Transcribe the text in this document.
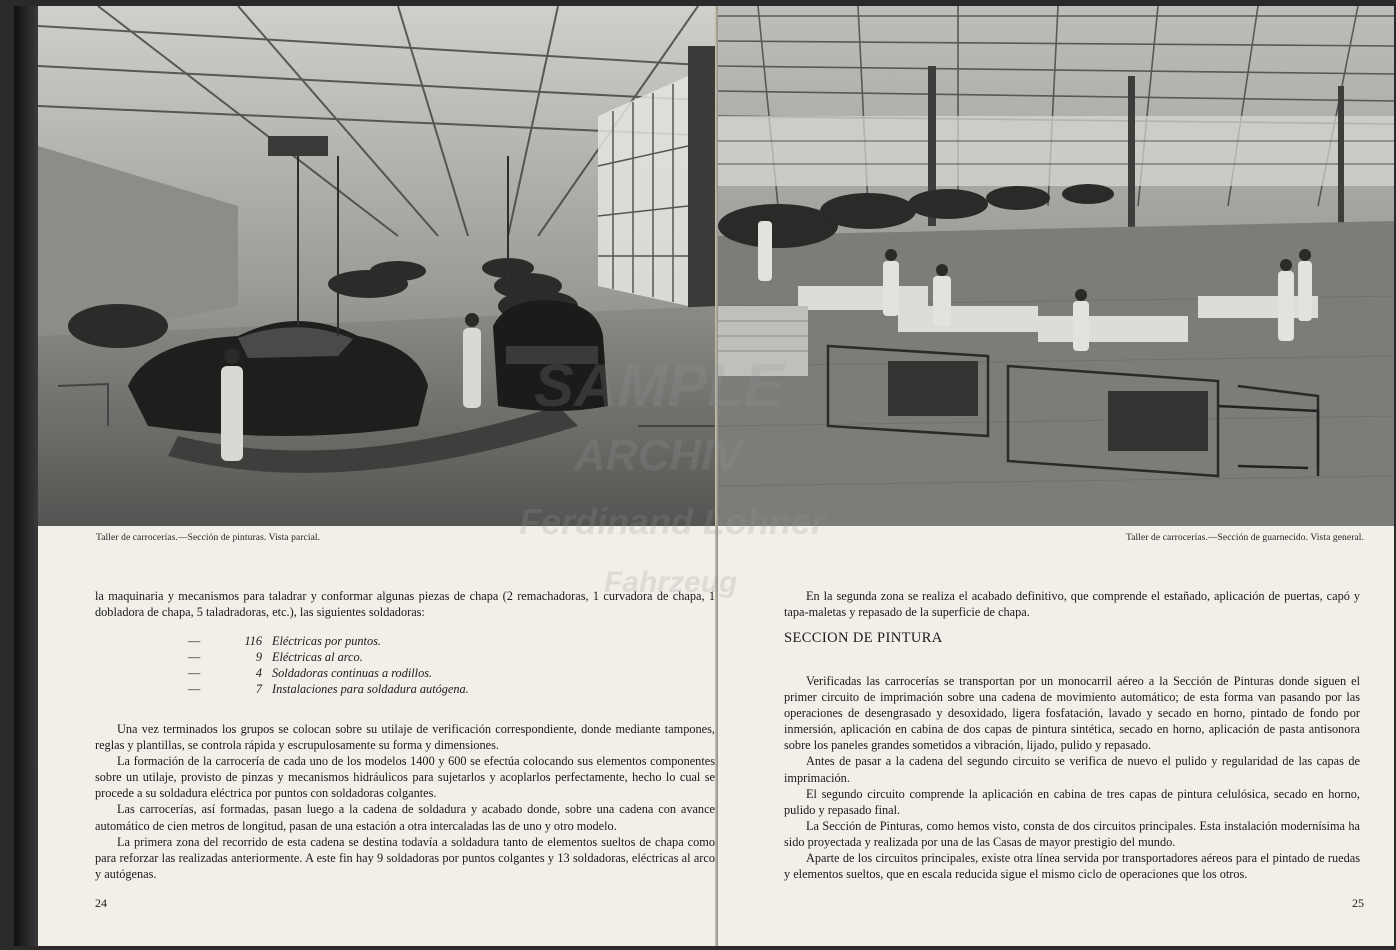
Taller de carrocerías.—Sección de pinturas. Vista parcial.

la maquinaria y mecanismos para taladrar y conformar algunas piezas de chapa (2 remachadoras, 1 curvadora de chapa, 1 dobladora de chapa, 5 taladradoras, etc.), las siguientes soldadoras:

—	116 Eléctricas por puntos.
—	9 Eléctricas al arco.
—	4 Soldadoras continuas a rodillos.
—	7 Instalaciones para soldadura autógena.

Una vez terminados los grupos se colocan sobre su utilaje de verificación correspondiente, donde mediante tampones, reglas y plantillas, se controla rápida y escrupulosamente su forma y dimensiones.

La formación de la carrocería de cada uno de los modelos 1400 y 600 se efectúa colocando sus elementos componentes sobre un utilaje, provisto de pinzas y mecanismos hidráulicos para sujetarlos y acoplarlos perfectamente, hecho lo cual se procede a su soldadura eléctrica por puntos con soldadoras colgantes.

Las carrocerías, así formadas, pasan luego a la cadena de soldadura y acabado donde, sobre una cadena con avance automático de cien metros de longitud, pasan de una estación a otra intercaladas las de uno y otro modelo.

La primera zona del recorrido de esta cadena se destina todavía a soldadura tanto de elementos sueltos de chapa como para reforzar las realizadas anteriormente. A este fin hay 9 soldadoras por puntos colgantes y 13 soldadoras, eléctricas al arco y autógenas.

24
Taller de carrocerías.—Sección de guarnecido. Vista general.

En la segunda zona se realiza el acabado definitivo, que comprende el estañado, aplicación de puertas, capó y tapa-maletas y repasado de la superficie de chapa.

SECCION DE PINTURA

Verificadas las carrocerías se transportan por un monocarril aéreo a la Sección de Pinturas donde siguen el primer circuito de imprimación sobre una cadena de movimiento automático; de esta forma van pasando por las operaciones de desengrasado y desoxidado, ligera fosfatación, lavado y secado en horno, pintado de fondo por inmersión, aplicación en cabina de dos capas de pintura sintética, secado en horno, aplicación de pasta antisonora sobre los paneles grandes sometidos a vibración, lijado, pulido y repasado.

Antes de pasar a la cadena del segundo circuito se verifica de nuevo el pulido y regularidad de las capas de imprimación.

El segundo circuito comprende la aplicación en cabina de tres capas de pintura celulósica, secado en horno, pulido y repasado final.

La Sección de Pinturas, como hemos visto, consta de dos circuitos principales. Esta instalación modernísima ha sido proyectada y realizada por una de las Casas de mayor prestigio del mundo.

Aparte de los circuitos principales, existe otra línea servida por transportadores aéreos para el pintado de ruedas y elementos sueltos, que en escala reducida sigue el mismo ciclo de operaciones que los otros.

25
SAMPLE
ARCHIV
Ferdinand Lohner
Fahrzeug
